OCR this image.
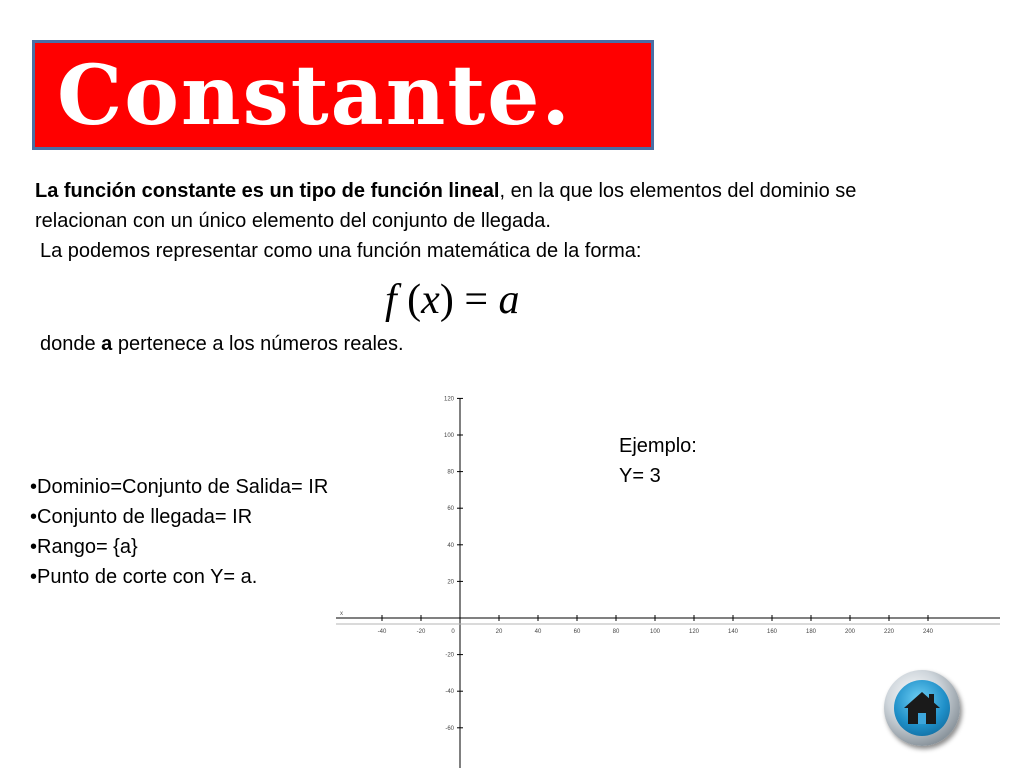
Constante.
La función constante es un tipo de función lineal, en la que los elementos del dominio se
relacionan con un único elemento del conjunto de llegada.
La podemos representar como una función matemática de la forma:
f (x) = a
donde a pertenece a los números reales.
•Dominio=Conjunto de Salida= IR
•Conjunto de llegada= IR
•Rango= {a}
•Punto de corte con Y= a.
Ejemplo:
Y= 3
x
-40	-20	0	20	40	60	80	100	120	140	160	180	200	220	240
120
100
80
60
40
20
-20
-40
-60
